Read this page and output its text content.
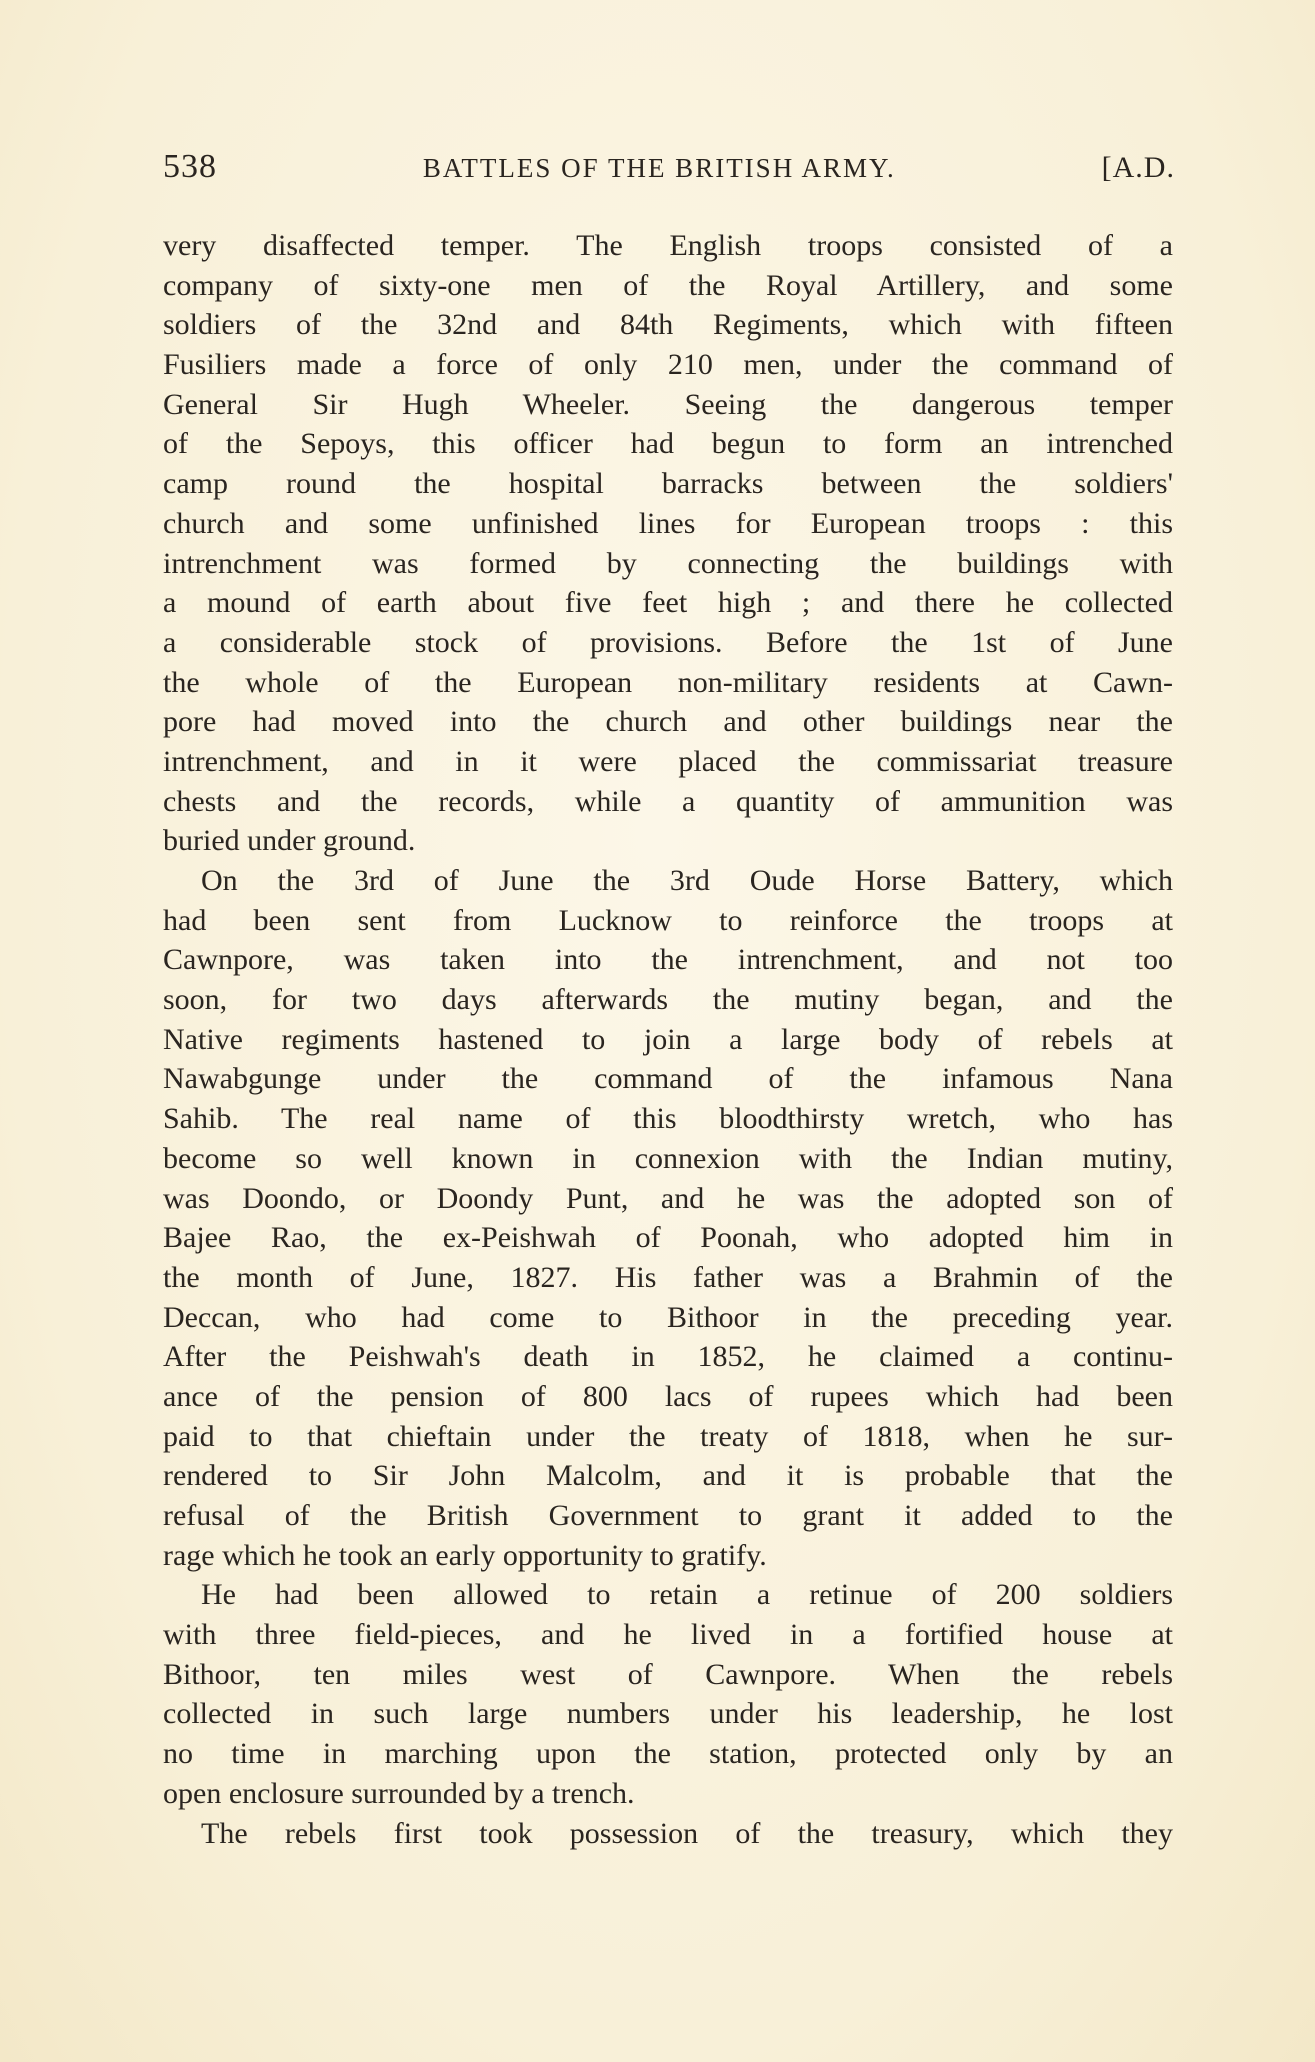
538	BATTLES OF THE BRITISH ARMY.	[A.D.
very disaffected temper. The English troops consisted of a
company of sixty-one men of the Royal Artillery, and some
soldiers of the 32nd and 84th Regiments, which with fifteen
Fusiliers made a force of only 210 men, under the command of
General Sir Hugh Wheeler. Seeing the dangerous temper
of the Sepoys, this officer had begun to form an intrenched
camp round the hospital barracks between the soldiers'
church and some unfinished lines for European troops : this
intrenchment was formed by connecting the buildings with
a mound of earth about five feet high ; and there he collected
a considerable stock of provisions. Before the 1st of June
the whole of the European non-military residents at Cawn-
pore had moved into the church and other buildings near the
intrenchment, and in it were placed the commissariat treasure
chests and the records, while a quantity of ammunition was
buried under ground.
On the 3rd of June the 3rd Oude Horse Battery, which
had been sent from Lucknow to reinforce the troops at
Cawnpore, was taken into the intrenchment, and not too
soon, for two days afterwards the mutiny began, and the
Native regiments hastened to join a large body of rebels at
Nawabgunge under the command of the infamous Nana
Sahib. The real name of this bloodthirsty wretch, who has
become so well known in connexion with the Indian mutiny,
was Doondo, or Doondy Punt, and he was the adopted son of
Bajee Rao, the ex-Peishwah of Poonah, who adopted him in
the month of June, 1827. His father was a Brahmin of the
Deccan, who had come to Bithoor in the preceding year.
After the Peishwah's death in 1852, he claimed a continu-
ance of the pension of 800 lacs of rupees which had been
paid to that chieftain under the treaty of 1818, when he sur-
rendered to Sir John Malcolm, and it is probable that the
refusal of the British Government to grant it added to the
rage which he took an early opportunity to gratify.
He had been allowed to retain a retinue of 200 soldiers
with three field-pieces, and he lived in a fortified house at
Bithoor, ten miles west of Cawnpore. When the rebels
collected in such large numbers under his leadership, he lost
no time in marching upon the station, protected only by an
open enclosure surrounded by a trench.
The rebels first took possession of the treasury, which they
